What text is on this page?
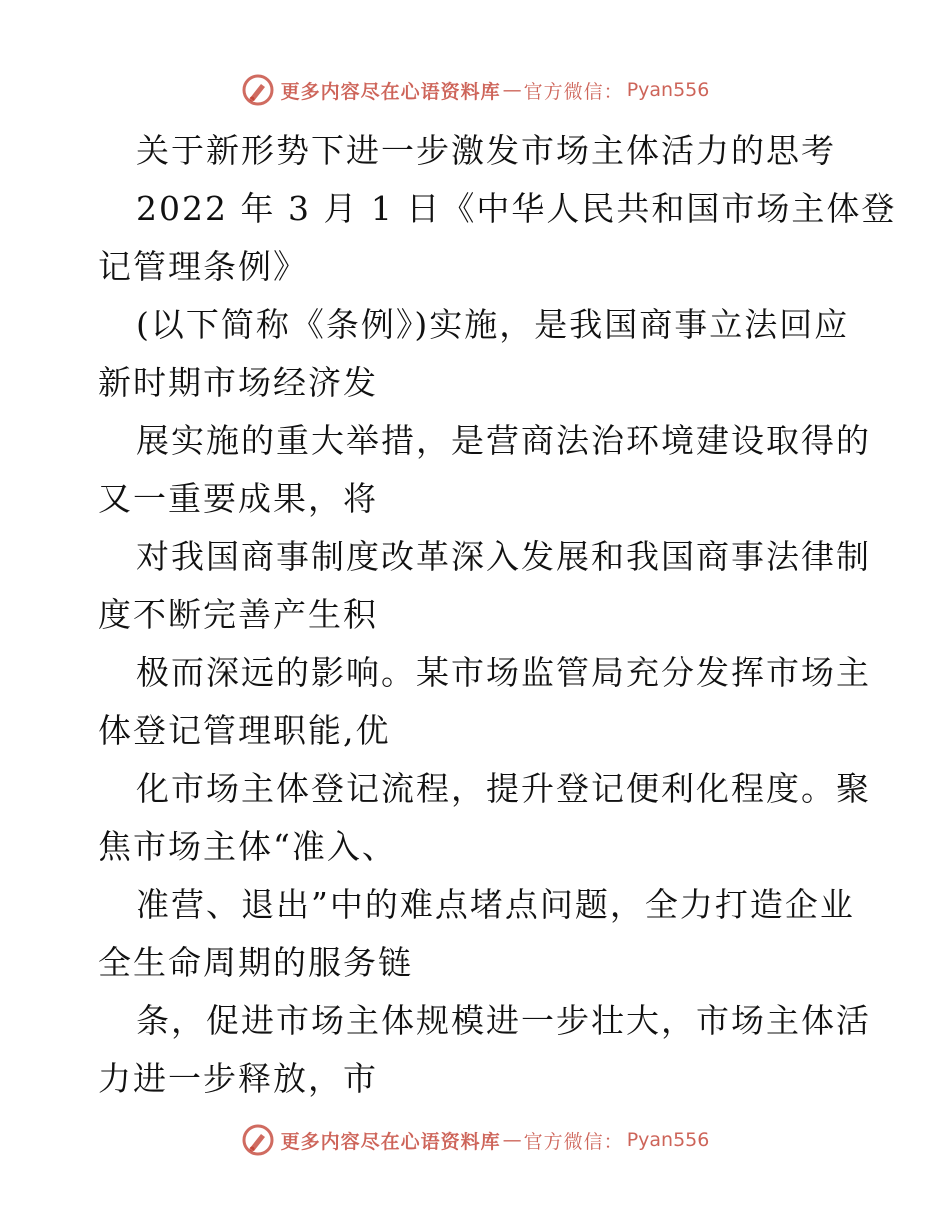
更多内容尽在心语资料库 — 官方微信： Pyan556
关于新形势下进一步激发市场主体活力的思考
2022 年 3 月 1 日《中华人民共和国市场主体登
记管理条例》
(以下简称《条例》)实施，是我国商事立法回应
新时期市场经济发
展实施的重大举措，是营商法治环境建设取得的
又一重要成果，将
对我国商事制度改革深入发展和我国商事法律制
度不断完善产生积
极而深远的影响。某市场监管局充分发挥市场主
体登记管理职能,优
化市场主体登记流程，提升登记便利化程度。聚
焦市场主体“准入、
准营、退出”中的难点堵点问题，全力打造企业
全生命周期的服务链
条，促进市场主体规模进一步壮大，市场主体活
力进一步释放，市
更多内容尽在心语资料库 — 官方微信： Pyan556
